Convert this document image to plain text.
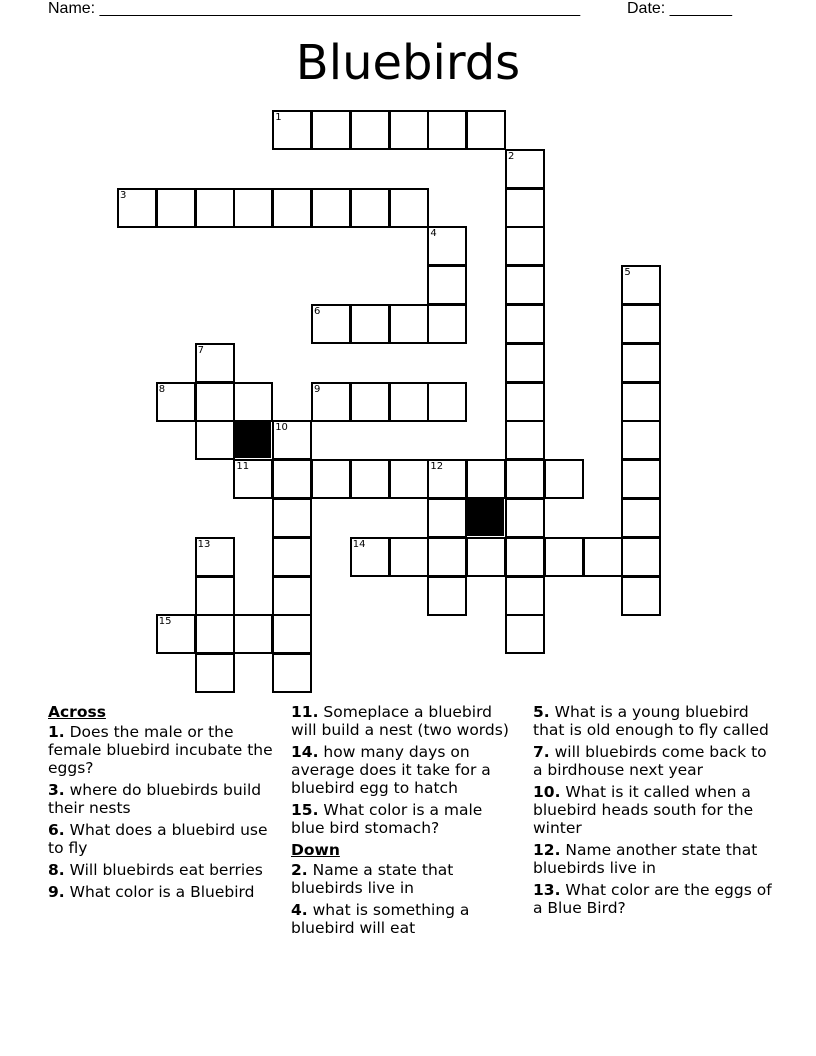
Name: ______________________________________________________	Date: _______
Bluebirds
1
2
3
4
5
6
7
8	9
10
11	12
13	14
15
Across
1. Does the male or the female bluebird incubate the eggs?
3. where do bluebirds build their nests
6. What does a bluebird use to fly
8. Will bluebirds eat berries
9. What color is a Bluebird
11. Someplace a bluebird will build a nest (two words)
14. how many days on average does it take for a bluebird egg to hatch
15. What color is a male blue bird stomach?
Down
2. Name a state that bluebirds live in
4. what is something a bluebird will eat
5. What is a young bluebird that is old enough to fly called
7. will bluebirds come back to a birdhouse next year
10. What is it called when a bluebird heads south for the winter
12. Name another state that bluebirds live in
13. What color are the eggs of a Blue Bird?
